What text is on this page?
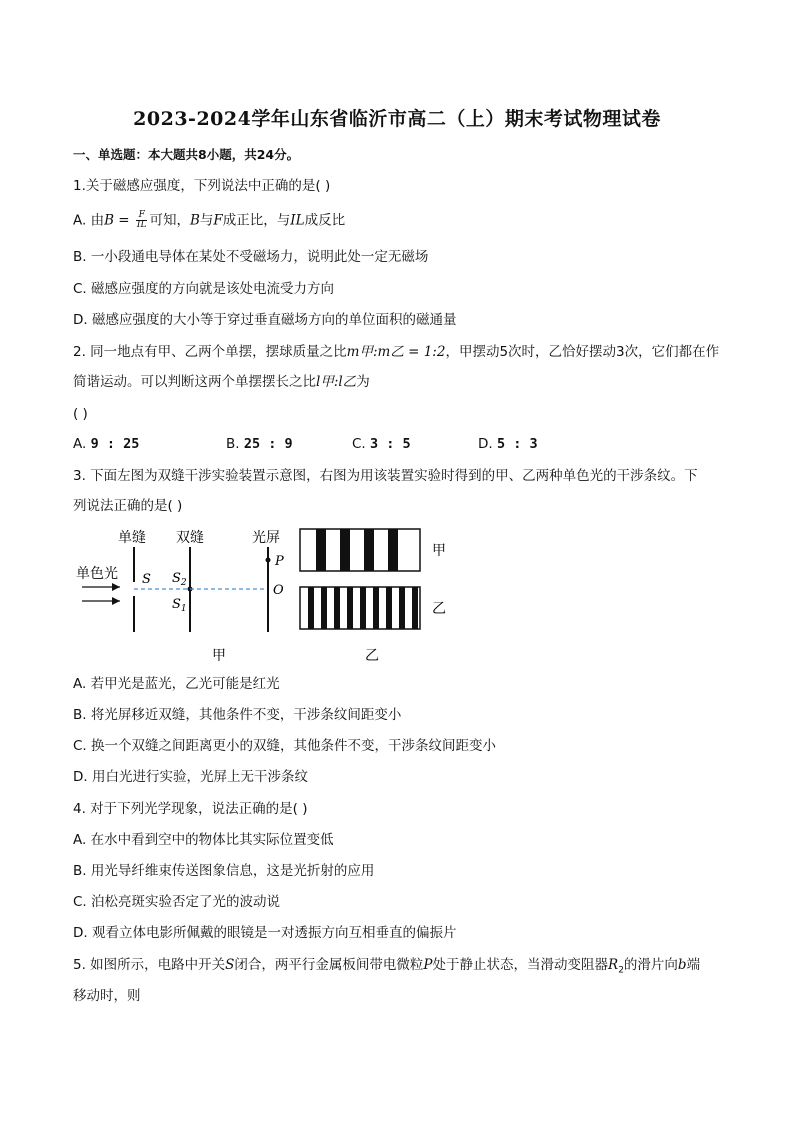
2023-2024学年山东省临沂市高二（上）期末考试物理试卷
一、单选题：本大题共8小题，共24分。
1.关于磁感应强度，下列说法中正确的是( )
A. 由$B = \frac{F}{IL}$ 可知，B与F成正比，与IL成反比
B. 一小段通电导体在某处不受磁场力，说明此处一定无磁场
C. 磁感应强度的方向就是该处电流受力方向
D. 磁感应强度的大小等于穿过垂直磁场方向的单位面积的磁通量
2. 同一地点有甲、乙两个单摆，摆球质量之比m甲:m乙 = 1:2，甲摆动5次时，乙恰好摆动3次，它们都在作
简谐运动。可以判断这两个单摆摆长之比l甲:l乙为
( )
A. 9 : 25	B. 25 : 9	C. 3 : 5	D. 5 : 3
3. 下面左图为双缝干涉实验装置示意图，右图为用该装置实验时得到的甲、乙两种单色光的干涉条纹。下
列说法正确的是( )
单缝 双缝	光屏
单色光 S $S_2$
$S_1$
P
O
甲	乙
甲
乙
A. 若甲光是蓝光，乙光可能是红光
B. 将光屏移近双缝，其他条件不变，干涉条纹间距变小
C. 换一个双缝之间距离更小的双缝，其他条件不变，干涉条纹间距变小
D. 用白光进行实验，光屏上无干涉条纹
4. 对于下列光学现象，说法正确的是( )
A. 在水中看到空中的物体比其实际位置变低
B. 用光导纤维束传送图象信息，这是光折射的应用
C. 泊松亮斑实验否定了光的波动说
D. 观看立体电影所佩戴的眼镜是一对透振方向互相垂直的偏振片
5. 如图所示，电路中开关S闭合，两平行金属板间带电微粒P处于静止状态，当滑动变阻器$R_2$的滑片向b端
移动时，则
